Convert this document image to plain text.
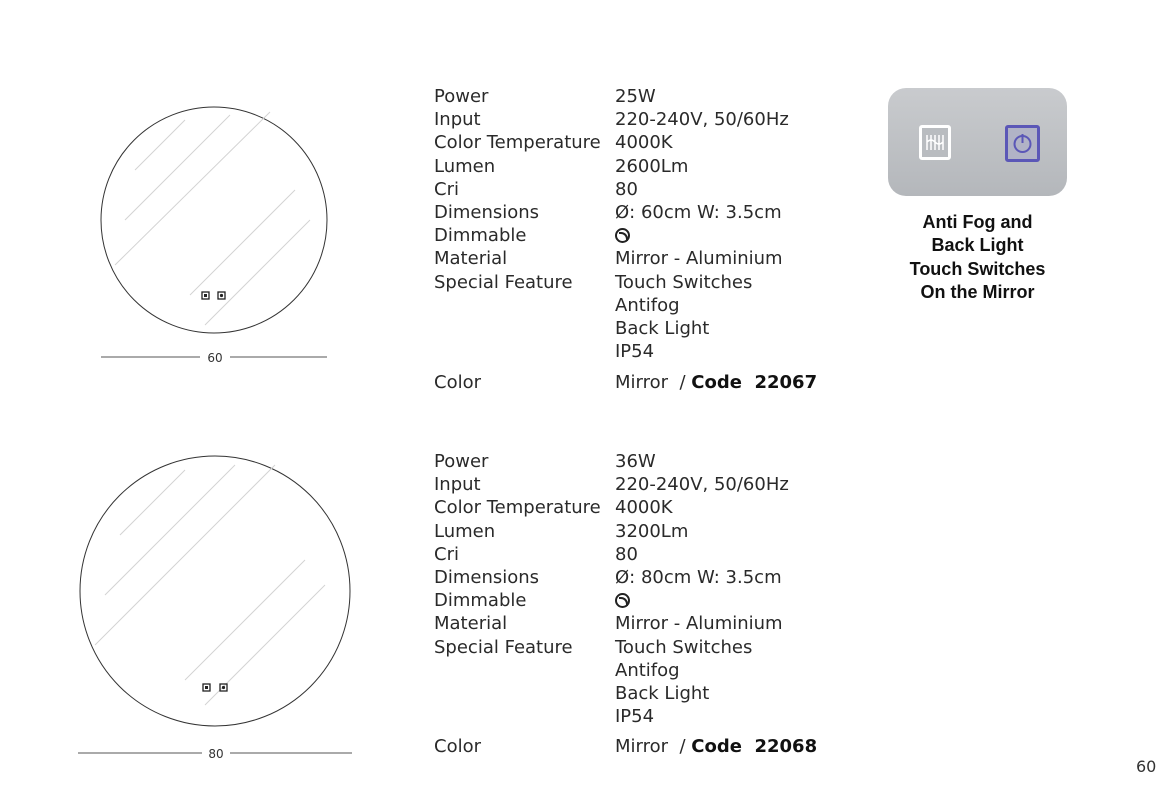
60
80
Power	25W
Input	220-240V, 50/60Hz
Color Temperature 4000K
Lumen	2600Lm
Cri	80
Dimensions	Ø: 60cm W: 3.5cm
Dimmable
Material	Mirror - Aluminium
Special Feature	Touch Switches
Antifog
Back Light
IP54
Color	Mirror  / Code  22067
Power	36W
Input	220-240V, 50/60Hz
Color Temperature 4000K
Lumen	3200Lm
Cri	80
Dimensions	Ø: 80cm W: 3.5cm
Dimmable
Material	Mirror - Aluminium
Special Feature	Touch Switches
Antifog
Back Light
IP54
Color	Mirror  / Code  22068
Anti Fog and
Back Light
Touch Switches
On the Mirror
60
